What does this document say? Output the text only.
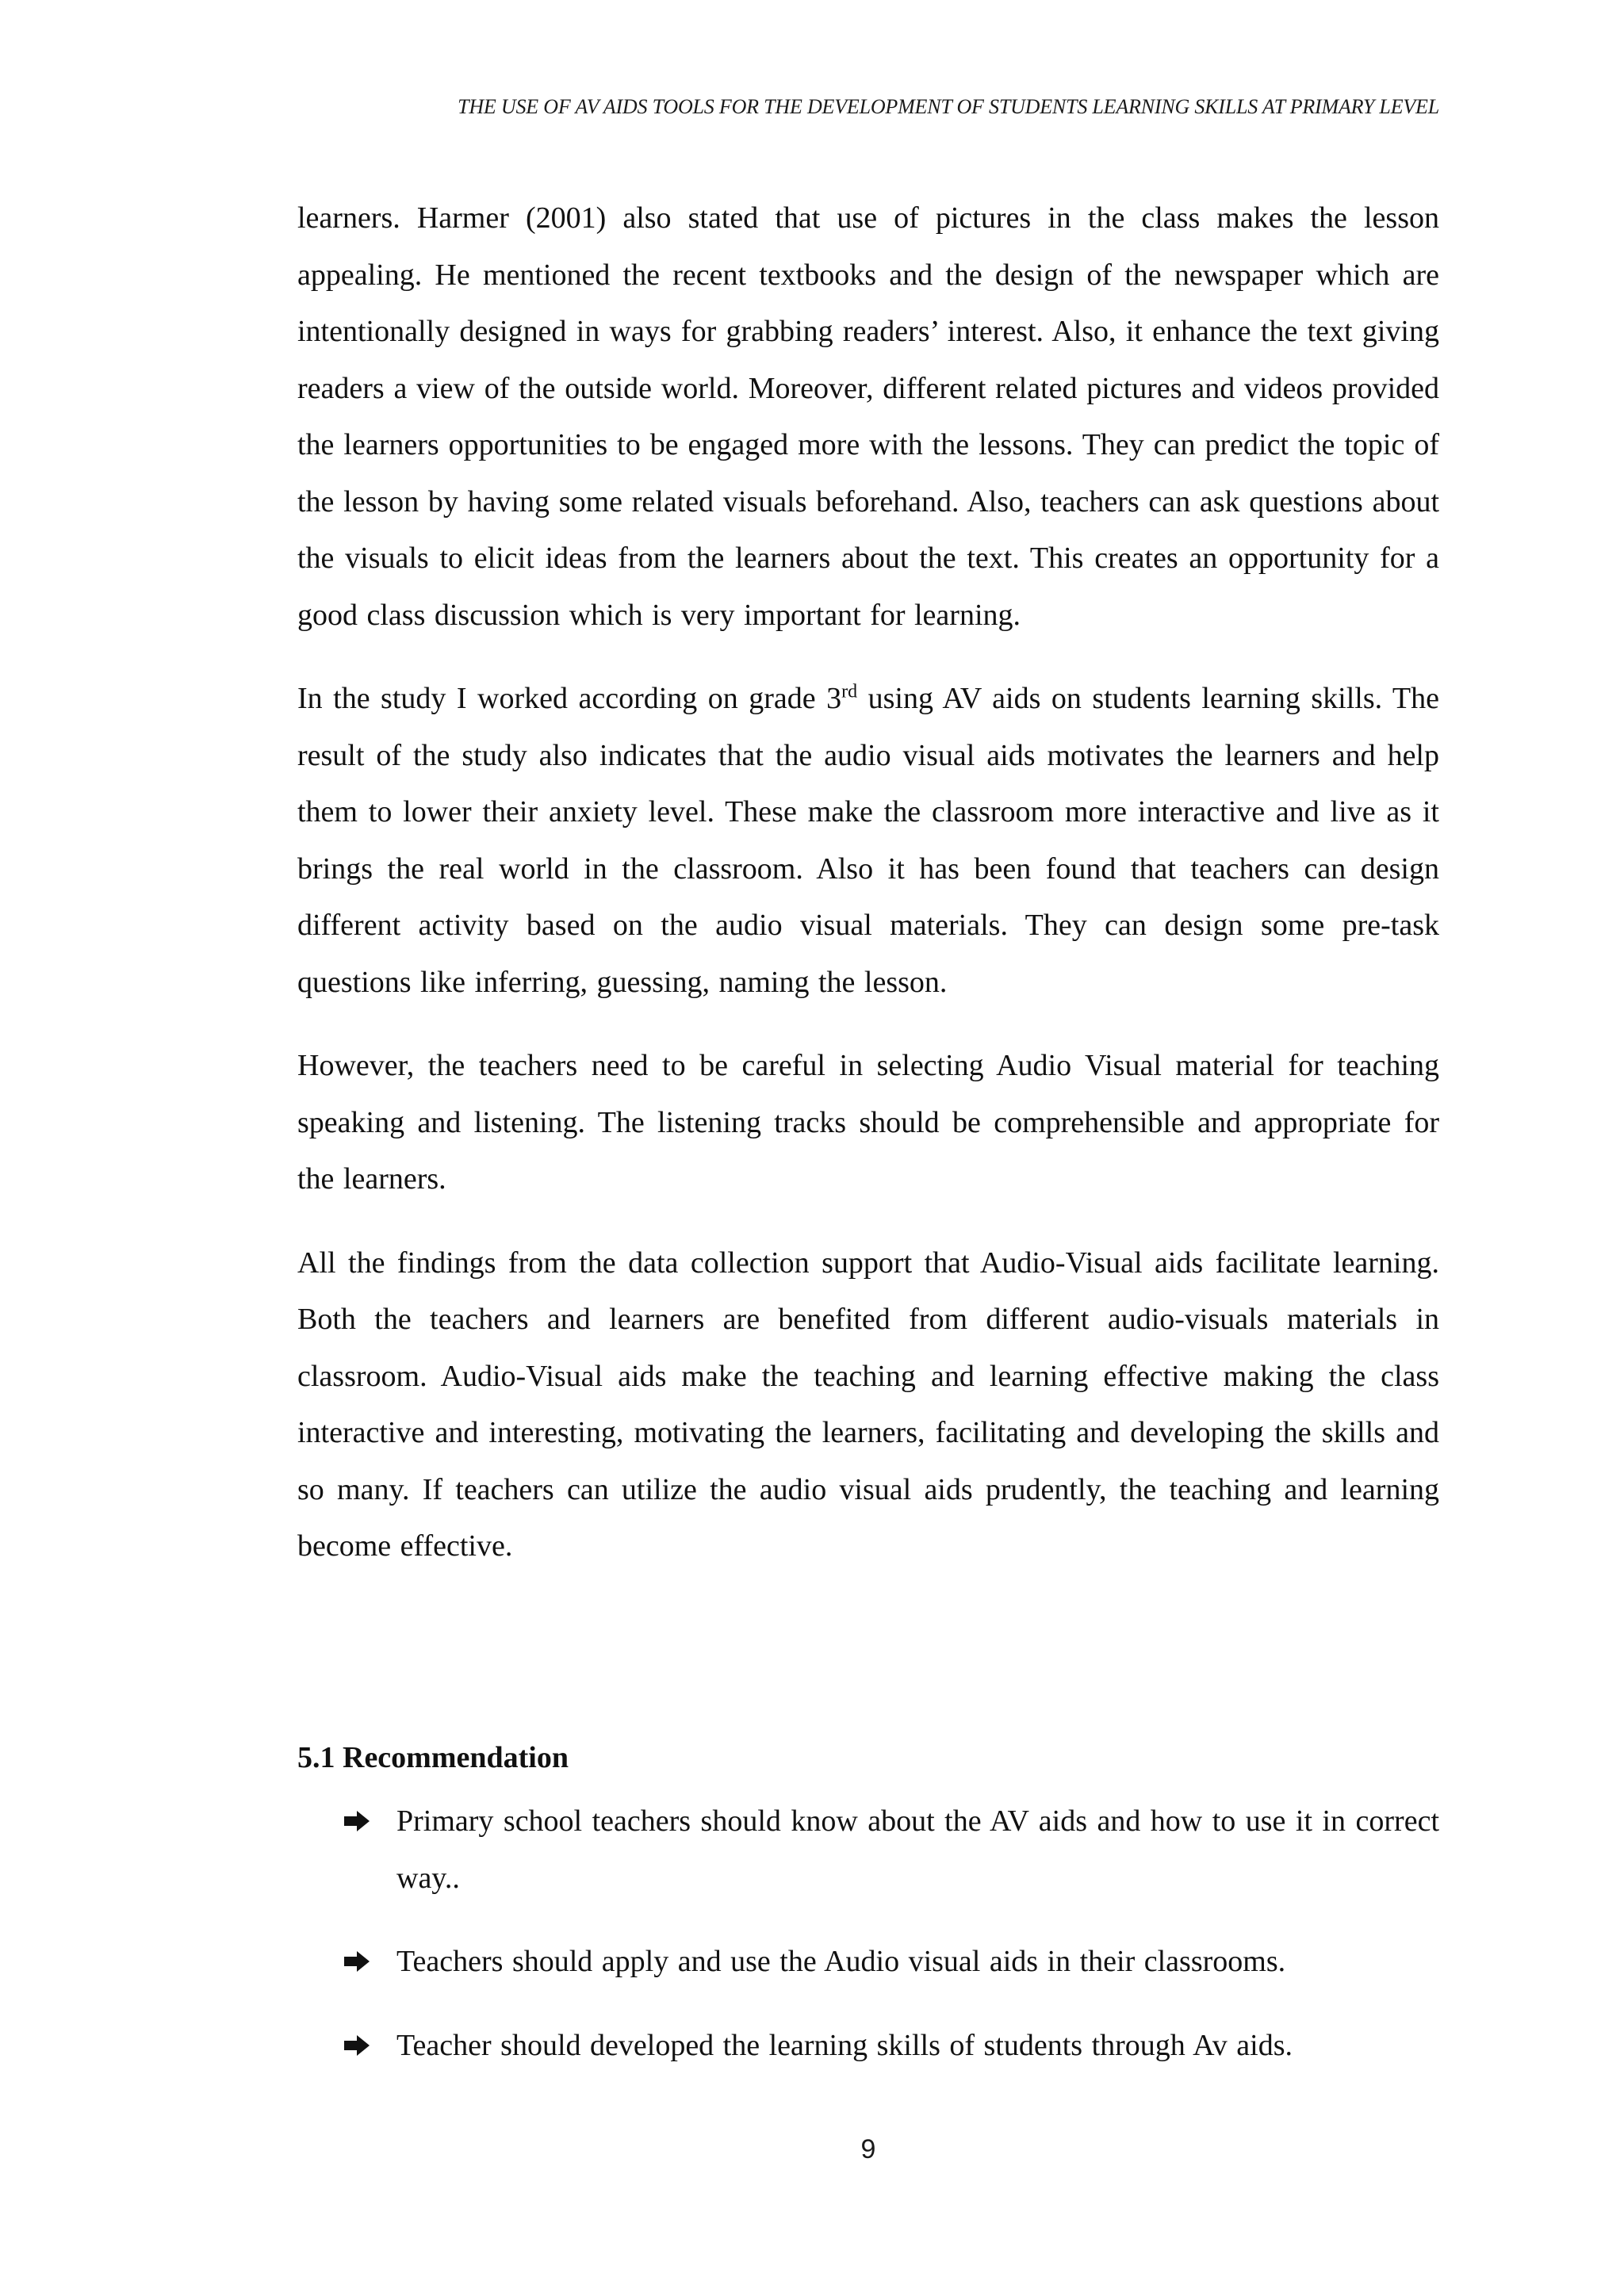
THE USE OF AV AIDS TOOLS FOR THE DEVELOPMENT OF STUDENTS LEARNING SKILLS AT PRIMARY LEVEL

learners. Harmer (2001) also stated that use of pictures in the class makes the lesson appealing. He mentioned the recent textbooks and the design of the newspaper which are intentionally designed in ways for grabbing readers’ interest. Also, it enhance the text giving readers a view of the outside world. Moreover, different related pictures and videos provided the learners opportunities to be engaged more with the lessons. They can predict the topic of the lesson by having some related visuals beforehand. Also, teachers can ask questions about the visuals to elicit ideas from the learners about the text. This creates an opportunity for a good class discussion which is very important for learning.

In the study I worked according on grade 3rd using AV aids on students learning skills. The result of the study also indicates that the audio visual aids motivates the learners and help them to lower their anxiety level. These make the classroom more interactive and live as it brings the real world in the classroom. Also it has been found that teachers can design different activity based on the audio visual materials. They can design some pre-task questions like inferring, guessing, naming the lesson.

However, the teachers need to be careful in selecting Audio Visual material for teaching speaking and listening. The listening tracks should be comprehensible and appropriate for the learners.

All the findings from the data collection support that Audio-Visual aids facilitate learning. Both the teachers and learners are benefited from different audio-visuals materials in classroom. Audio-Visual aids make the teaching and learning effective making the class interactive and interesting, motivating the learners, facilitating and developing the skills and so many. If teachers can utilize the audio visual aids prudently, the teaching and learning become effective.

5.1 Recommendation
Primary school teachers should know about the AV aids and how to use it in correct way..
Teachers should apply and use the Audio visual aids in their classrooms.
Teacher should developed the learning skills of students through Av aids.
9
